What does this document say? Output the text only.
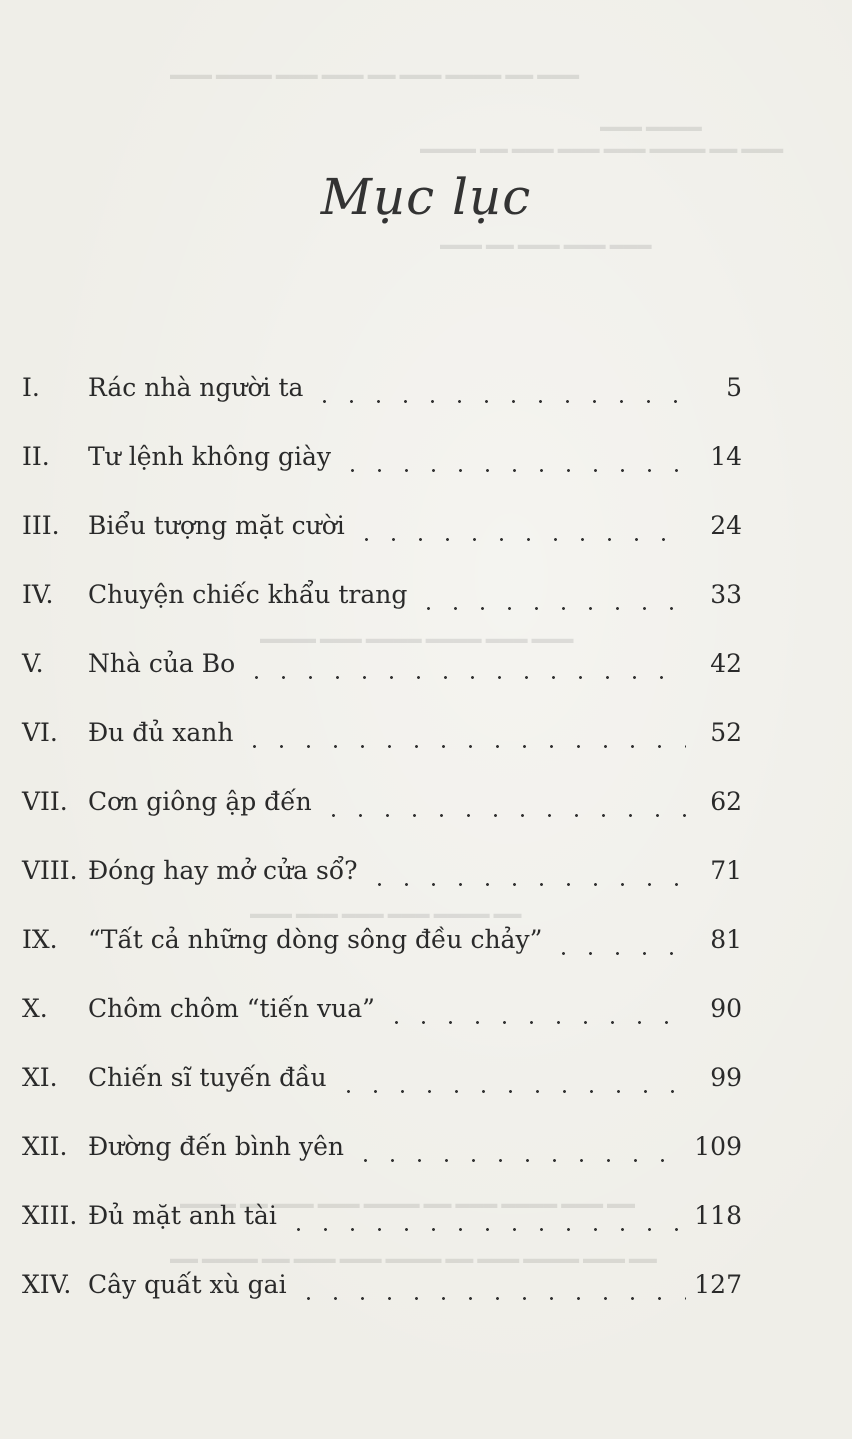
▬▬▬ ▬▬ ▬▬▬▬ ▬▬▬ ▬▬ ▬▬▬ ▬▬▬ ▬▬▬▬ ▬▬▬
▬▬▬▬ ▬▬▬
▬▬▬ ▬▬ ▬▬▬▬ ▬▬▬ ▬▬▬ ▬▬▬ ▬▬ ▬▬▬▬
▬▬▬ ▬▬▬ ▬▬▬ ▬▬ ▬▬▬
▬▬▬ ▬▬▬ ▬▬▬▬ ▬▬▬▬ ▬▬▬ ▬▬▬▬
▬▬ ▬▬▬▬ ▬▬▬ ▬▬▬ ▬▬▬ ▬▬▬
▬▬ ▬▬▬ ▬▬▬▬ ▬▬▬ ▬▬ ▬▬▬▬ ▬▬▬ ▬▬▬ ▬▬ ▬▬▬▬
▬▬ ▬▬▬ ▬▬▬▬ ▬▬▬ ▬▬ ▬▬▬▬ ▬▬▬ ▬▬▬ ▬▬ ▬▬▬▬ ▬▬
Mục lục
I.	Rác nhà người ta	5
II.	Tư lệnh không giày	14
III.	Biểu tượng mặt cười	24
IV.	Chuyện chiếc khẩu trang	33
V.	Nhà của Bo	42
VI.	Đu đủ xanh	52
VII. Cơn giông ập đến	62
VIII. Đóng hay mở cửa sổ?	71
IX.	“Tất cả những dòng sông đều chảy”	81
X.	Chôm chôm “tiến vua”	90
XI.	Chiến sĩ tuyến đầu	99
XII. Đường đến bình yên	109
XIII. Đủ mặt anh tài	118
XIV. Cây quất xù gai	127
